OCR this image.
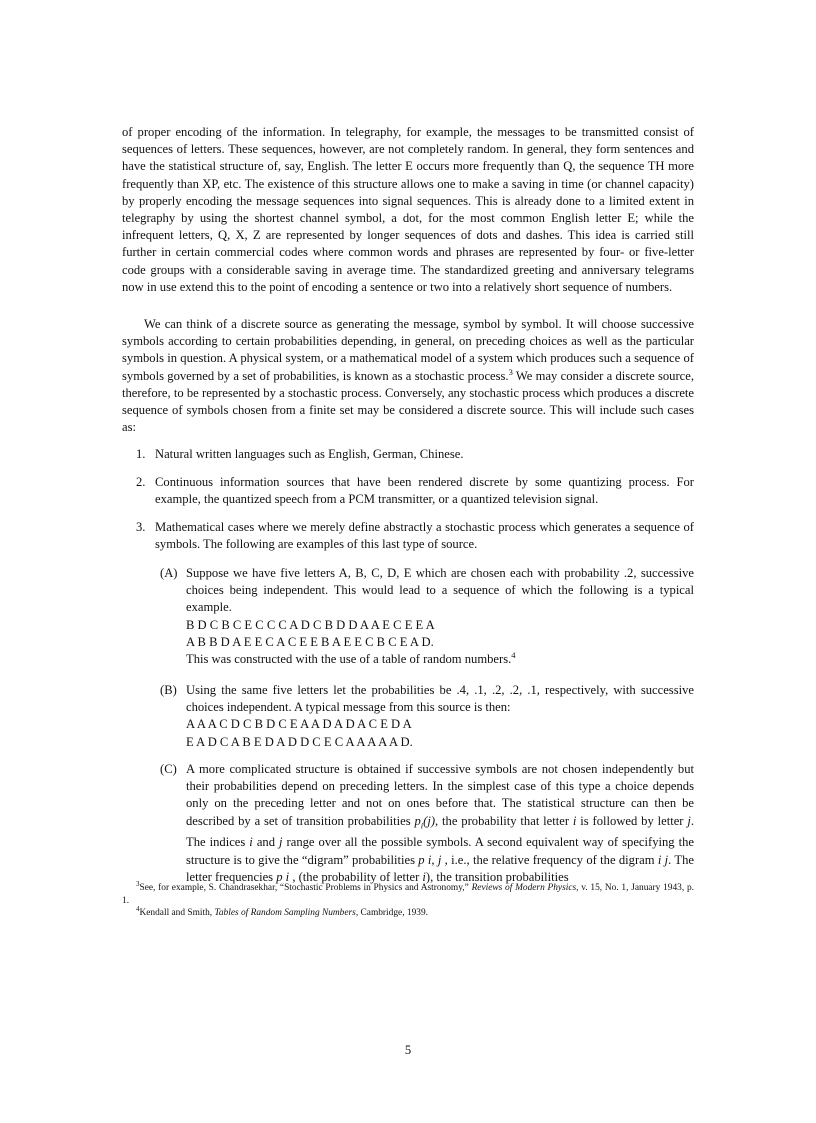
of proper encoding of the information. In telegraphy, for example, the messages to be transmitted consist of sequences of letters. These sequences, however, are not completely random. In general, they form sentences and have the statistical structure of, say, English. The letter E occurs more frequently than Q, the sequence TH more frequently than XP, etc. The existence of this structure allows one to make a saving in time (or channel capacity) by properly encoding the message sequences into signal sequences. This is already done to a limited extent in telegraphy by using the shortest channel symbol, a dot, for the most common English letter E; while the infrequent letters, Q, X, Z are represented by longer sequences of dots and dashes. This idea is carried still further in certain commercial codes where common words and phrases are represented by four- or five-letter code groups with a considerable saving in average time. The standardized greeting and anniversary telegrams now in use extend this to the point of encoding a sentence or two into a relatively short sequence of numbers.

We can think of a discrete source as generating the message, symbol by symbol. It will choose successive symbols according to certain probabilities depending, in general, on preceding choices as well as the particular symbols in question. A physical system, or a mathematical model of a system which produces such a sequence of symbols governed by a set of probabilities, is known as a stochastic process.$^3$ We may consider a discrete source, therefore, to be represented by a stochastic process. Conversely, any stochastic process which produces a discrete sequence of symbols chosen from a finite set may be considered a discrete source. This will include such cases as:

1. Natural written languages such as English, German, Chinese.
2. Continuous information sources that have been rendered discrete by some quantizing process. For example, the quantized speech from a PCM transmitter, or a quantized television signal.
3. Mathematical cases where we merely define abstractly a stochastic process which generates a sequence of symbols. The following are examples of this last type of source.
(A) Suppose we have five letters A, B, C, D, E which are chosen each with probability .2, successive choices being independent. This would lead to a sequence of which the following is a typical example.
B D C B C E C C C A D C B D D A A E C E E A
A B B D A E E C A C E E B A E E C B C E A D.
This was constructed with the use of a table of random numbers.$^4$
(B) Using the same five letters let the probabilities be .4, .1, .2, .2, .1, respectively, with successive choices independent. A typical message from this source is then:
A A A C D C B D C E A A D A D A C E D A
E A D C A B E D A D D C E C A A A A A D.
(C) A more complicated structure is obtained if successive symbols are not chosen independently but their probabilities depend on preceding letters. In the simplest case of this type a choice depends only on the preceding letter and not on ones before that. The statistical structure can then be described by a set of transition probabilities $p_i(j)$, the probability that letter i is followed by letter j. The indices i and j range over all the possible symbols. A second equivalent way of specifying the structure is to give the “digram” probabilities p i, j , i.e., the relative frequency of the digram i j. The letter frequencies p i , (the probability of letter i), the transition probabilities
$^3$See, for example, S. Chandrasekhar, “Stochastic Problems in Physics and Astronomy,” Reviews of Modern Physics, v. 15, No. 1, January 1943, p. 1.
$^4$Kendall and Smith, Tables of Random Sampling Numbers, Cambridge, 1939.
5
